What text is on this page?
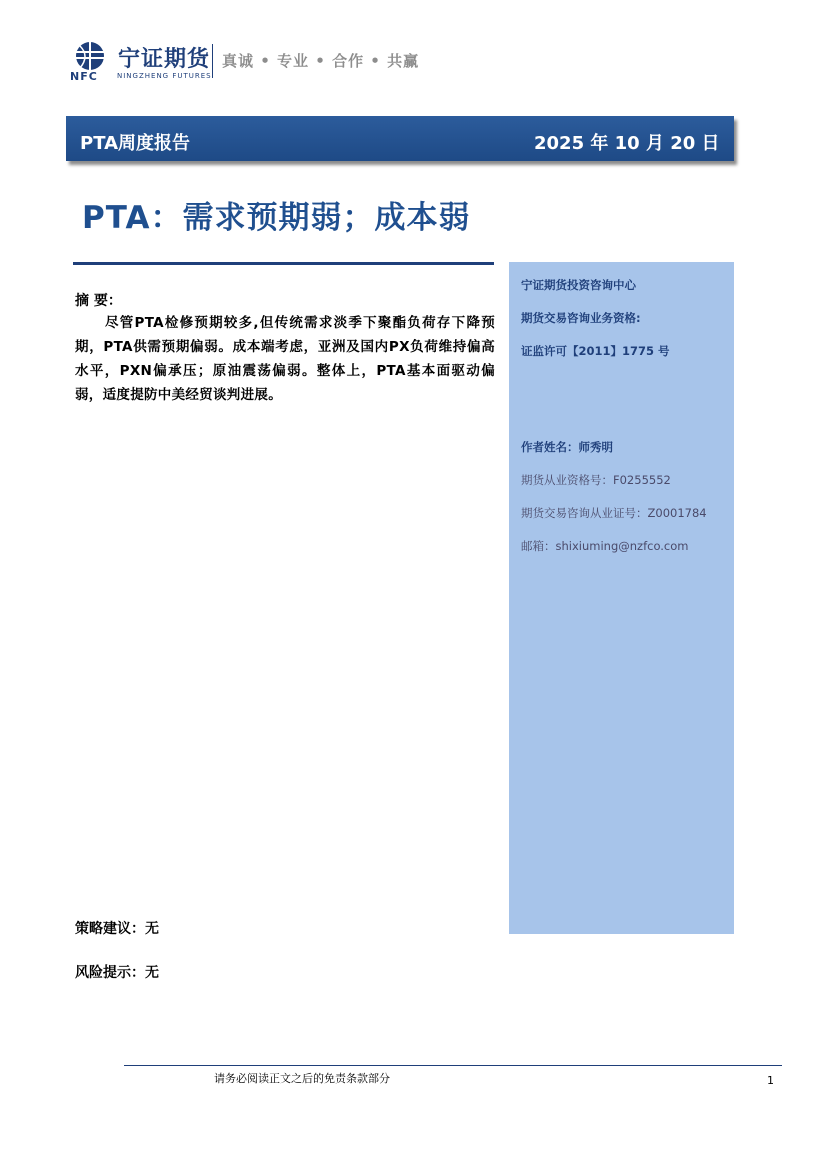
宁证期货
NFC	NINGZHENG FUTURES
真诚 • 专业 • 合作 • 共赢
PTA周度报告	2025 年 10 月 20 日
PTA：需求预期弱；成本弱
摘 要：
尽管PTA检修预期较多,但传统需求淡季下聚酯负荷存下降预期，PTA供需预期偏弱。成本端考虑，亚洲及国内PX负荷维持偏高水平，PXN偏承压；原油震荡偏弱。整体上，PTA基本面驱动偏弱，适度提防中美经贸谈判进展。
宁证期货投资咨询中心
期货交易咨询业务资格:
证监许可【2011】1775 号
作者姓名：师秀明
期货从业资格号：F0255552
期货交易咨询从业证号：Z0001784
邮箱：shixiuming@nzfco.com
策略建议：无
风险提示：无
请务必阅读正文之后的免责条款部分	1
